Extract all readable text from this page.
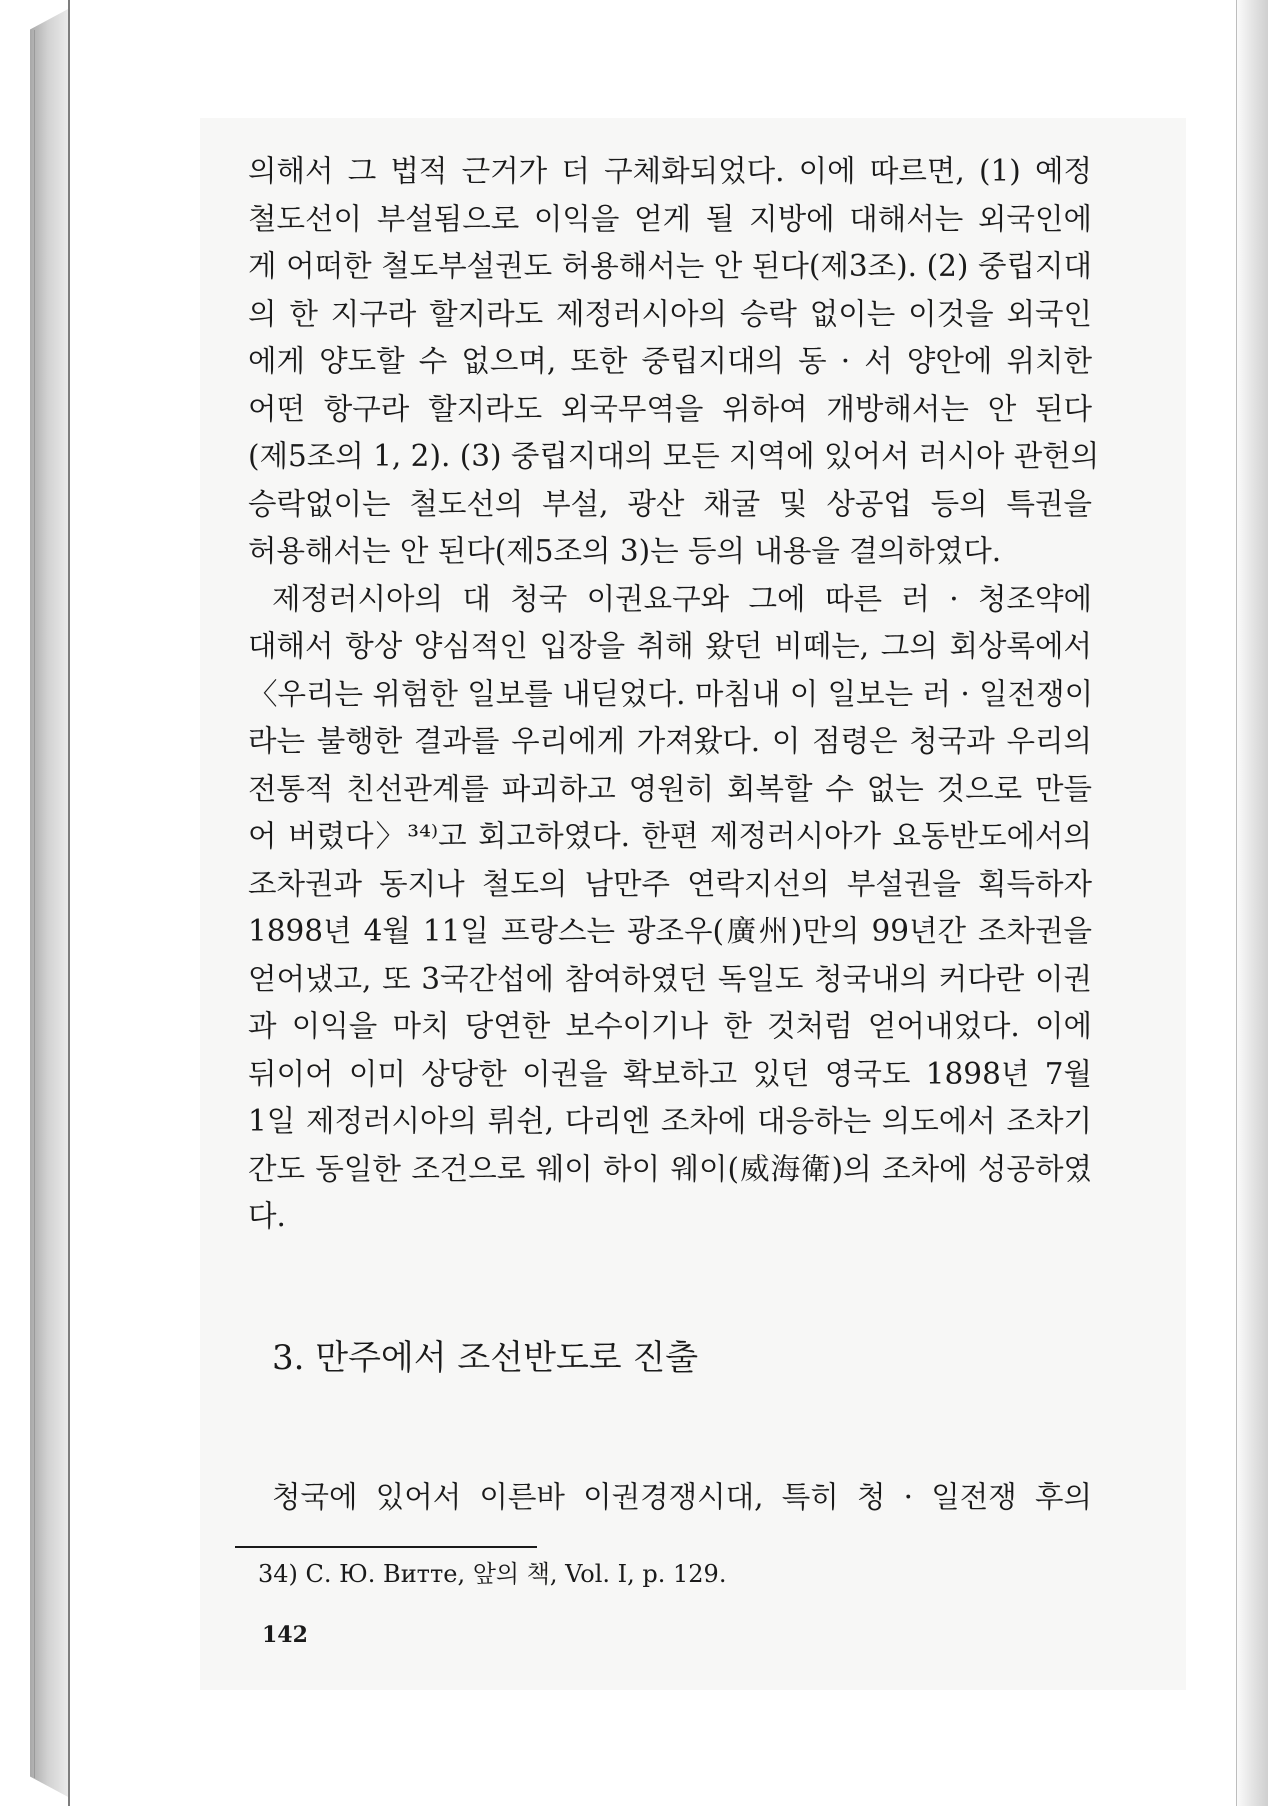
의해서 그 법적 근거가 더 구체화되었다. 이에 따르면, (1) 예정
철도선이 부설됨으로 이익을 얻게 될 지방에 대해서는 외국인에
게 어떠한 철도부설권도 허용해서는 안 된다(제3조). (2) 중립지대
의 한 지구라 할지라도 제정러시아의 승락 없이는 이것을 외국인
에게 양도할 수 없으며, 또한 중립지대의 동 · 서 양안에 위치한
어떤 항구라 할지라도 외국무역을 위하여 개방해서는 안 된다
(제5조의 1, 2). (3) 중립지대의 모든 지역에 있어서 러시아 관헌의
승락없이는 철도선의 부설, 광산 채굴 및 상공업 등의 특권을
허용해서는 안 된다(제5조의 3)는 등의 내용을 결의하였다.
제정러시아의 대 청국 이권요구와 그에 따른 러 · 청조약에
대해서 항상 양심적인 입장을 취해 왔던 비떼는, 그의 회상록에서
〈우리는 위험한 일보를 내딛었다. 마침내 이 일보는 러 · 일전쟁이
라는 불행한 결과를 우리에게 가져왔다. 이 점령은 청국과 우리의
전통적 친선관계를 파괴하고 영원히 회복할 수 없는 것으로 만들
어 버렸다〉³⁴⁾고 회고하였다. 한편 제정러시아가 요동반도에서의
조차권과 동지나 철도의 남만주 연락지선의 부설권을 획득하자
1898년 4월 11일 프랑스는 광조우(廣州)만의 99년간 조차권을
얻어냈고, 또 3국간섭에 참여하였던 독일도 청국내의 커다란 이권
과 이익을 마치 당연한 보수이기나 한 것처럼 얻어내었다. 이에
뒤이어 이미 상당한 이권을 확보하고 있던 영국도 1898년 7월
1일 제정러시아의 뤼쉰, 다리엔 조차에 대응하는 의도에서 조차기
간도 동일한 조건으로 웨이 하이 웨이(威海衛)의 조차에 성공하였
다.
3. 만주에서 조선반도로 진출
청국에 있어서 이른바 이권경쟁시대, 특히 청 · 일전쟁 후의
34) С. Ю. Витте, 앞의 책, Vol. Ⅰ, p. 129.
142
